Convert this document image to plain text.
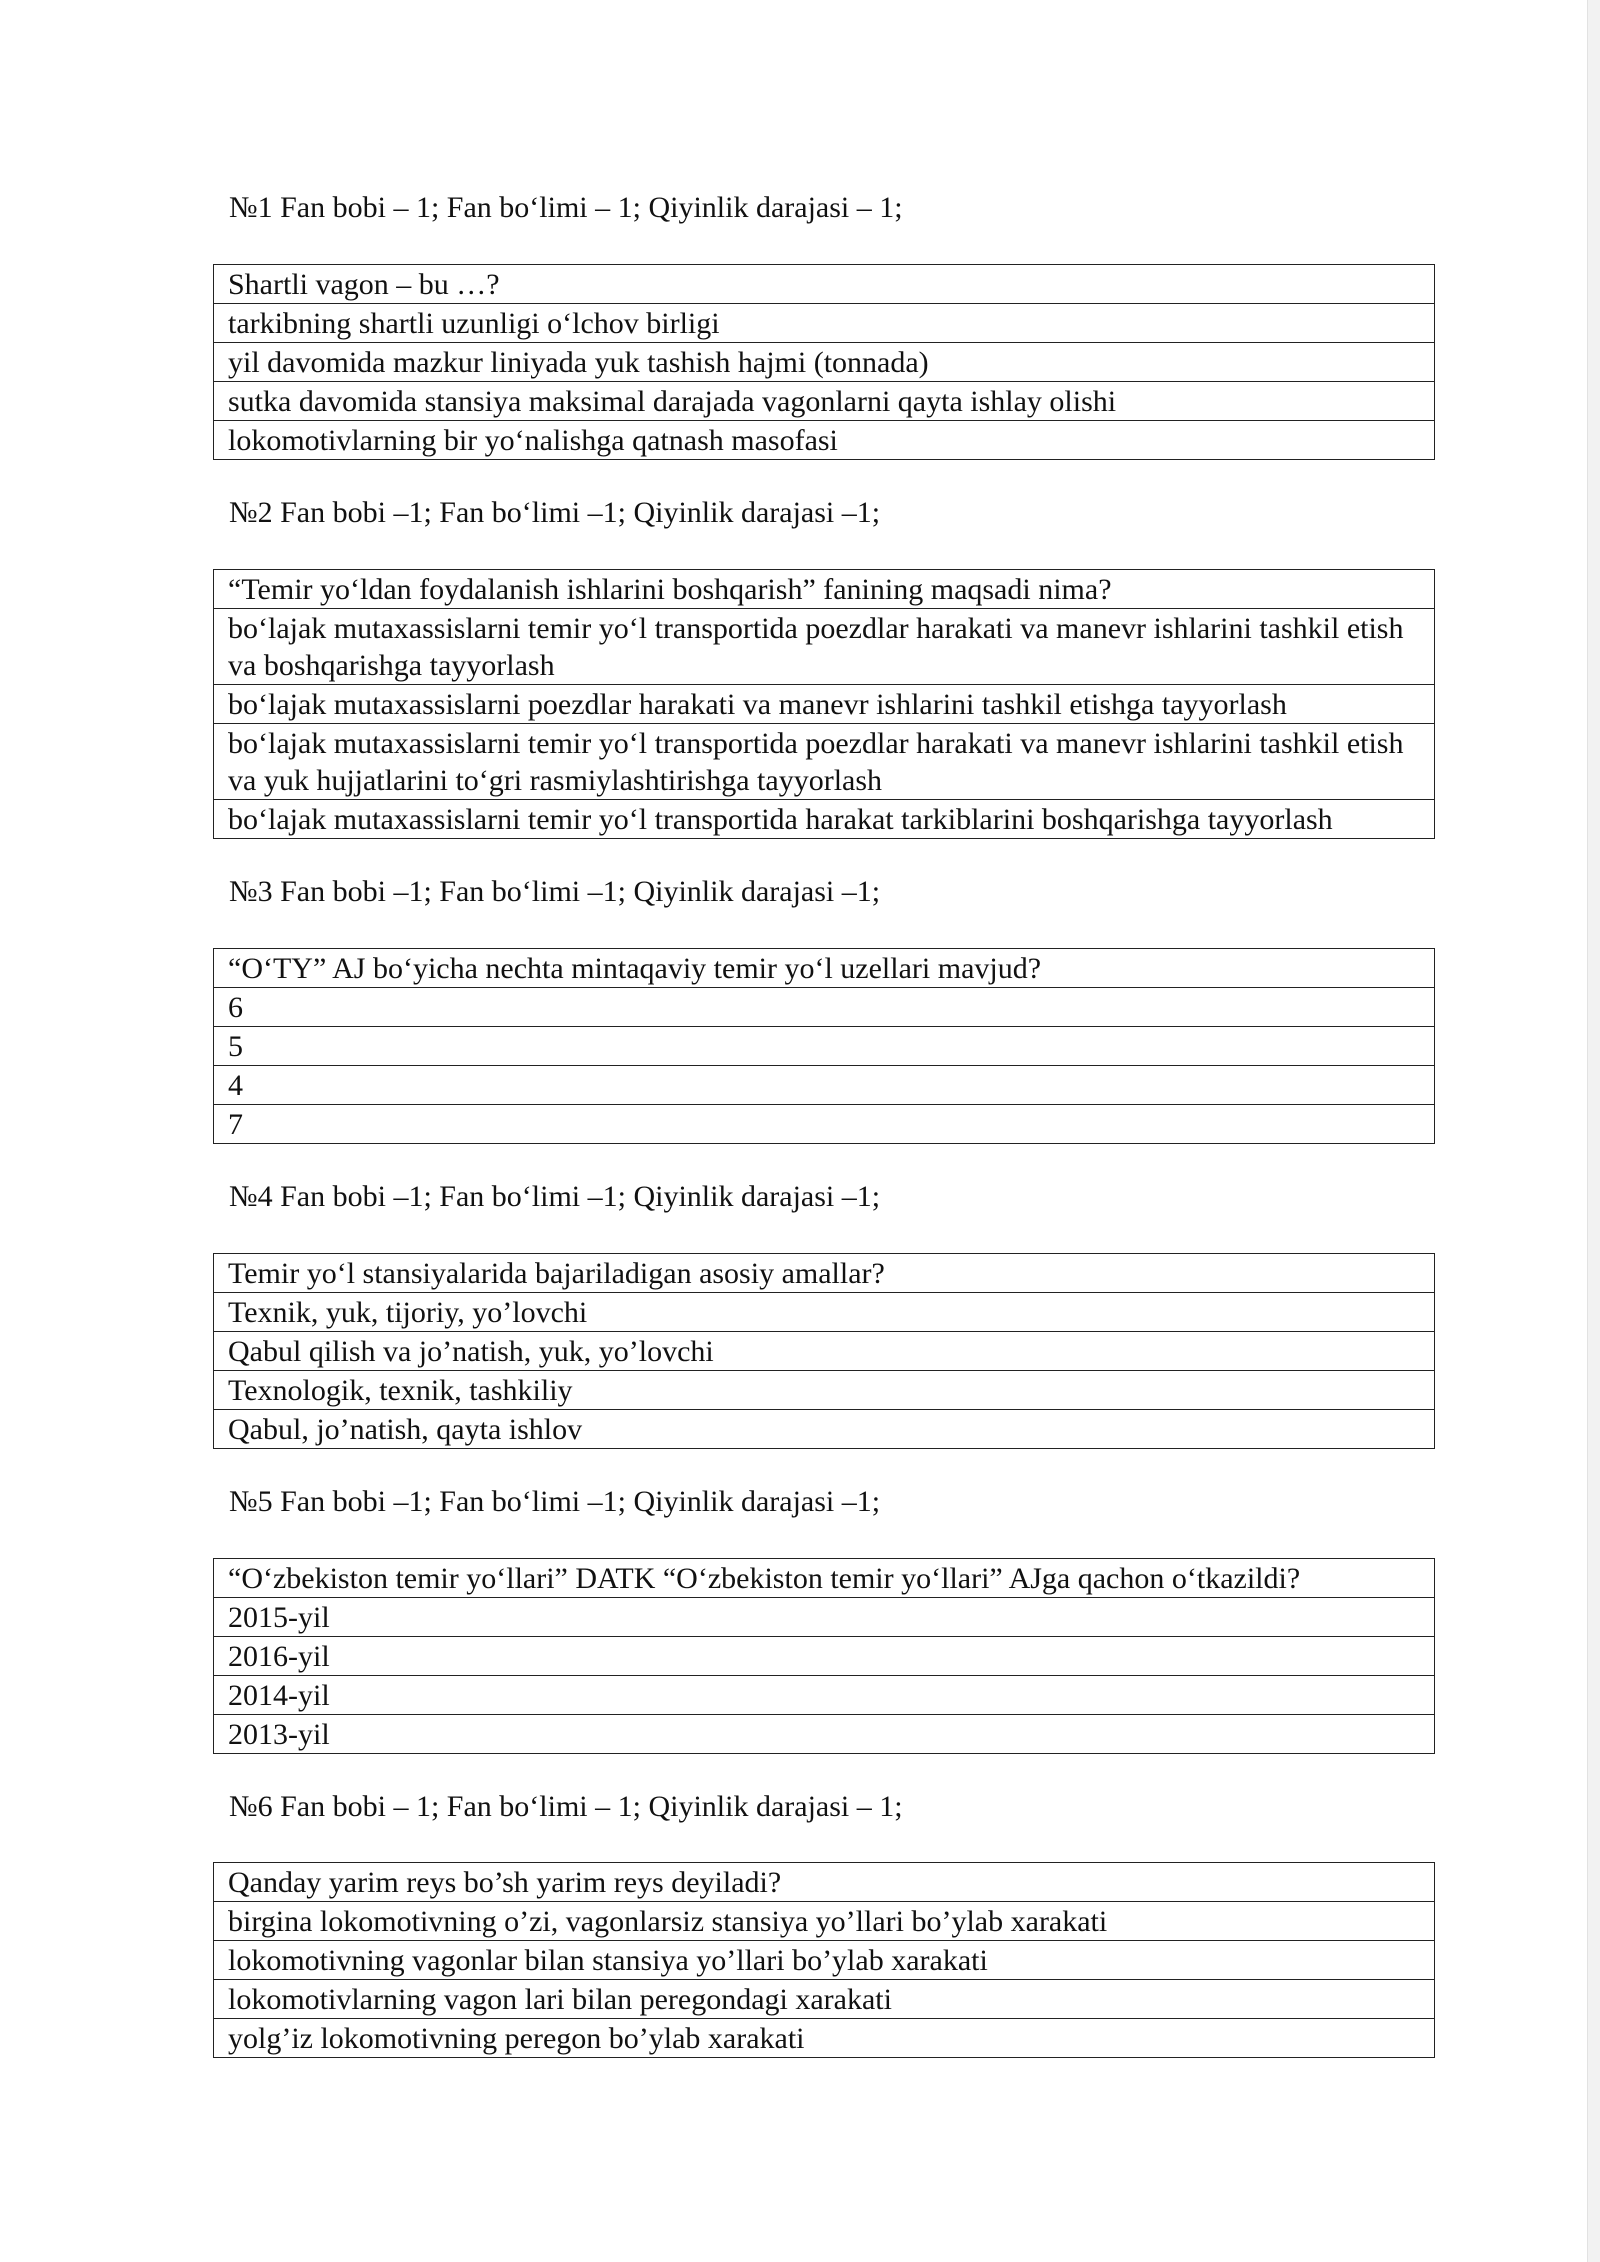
№1 Fan bobi – 1; Fan bo‘limi – 1; Qiyinlik darajasi – 1;
Shartli vagon – bu …?
tarkibning shartli uzunligi o‘lchov birligi
yil davomida mazkur liniyada yuk tashish hajmi (tonnada)
sutka davomida stansiya maksimal darajada vagonlarni qayta ishlay olishi
lokomotivlarning bir yo‘nalishga qatnash masofasi
№2 Fan bobi –1; Fan bo‘limi –1; Qiyinlik darajasi –1;
“Temir yo‘ldan foydalanish ishlarini boshqarish” fanining maqsadi nima?
bo‘lajak mutaxassislarni temir yo‘l transportida poezdlar harakati va manevr ishlarini tashkil etish va boshqarishga tayyorlash
bo‘lajak mutaxassislarni poezdlar harakati va manevr ishlarini tashkil etishga tayyorlash
bo‘lajak mutaxassislarni temir yo‘l transportida poezdlar harakati va manevr ishlarini tashkil etish va yuk hujjatlarini to‘gri rasmiylashtirishga tayyorlash
bo‘lajak mutaxassislarni temir yo‘l transportida harakat tarkiblarini boshqarishga tayyorlash
№3 Fan bobi –1; Fan bo‘limi –1; Qiyinlik darajasi –1;
“O‘TY” AJ bo‘yicha nechta mintaqaviy temir yo‘l uzellari mavjud?
6
5
4
7
№4 Fan bobi –1; Fan bo‘limi –1; Qiyinlik darajasi –1;
Temir yo‘l stansiyalarida bajariladigan asosiy amallar?
Texnik, yuk, tijoriy, yo’lovchi
Qabul qilish va jo’natish, yuk, yo’lovchi
Texnologik, texnik, tashkiliy
Qabul, jo’natish, qayta ishlov
№5 Fan bobi –1; Fan bo‘limi –1; Qiyinlik darajasi –1;
“O‘zbekiston temir yo‘llari” DATK “O‘zbekiston temir yo‘llari” AJga qachon o‘tkazildi?
2015-yil
2016-yil
2014-yil
2013-yil
№6 Fan bobi – 1; Fan bo‘limi – 1; Qiyinlik darajasi – 1;
Qanday yarim reys bo’sh yarim reys deyiladi?
birgina lokomotivning o’zi, vagonlarsiz stansiya yo’llari bo’ylab xarakati
lokomotivning vagonlar bilan stansiya yo’llari bo’ylab xarakati
lokomotivlarning vagon lari bilan peregondagi xarakati
yolg’iz lokomotivning peregon bo’ylab xarakati
